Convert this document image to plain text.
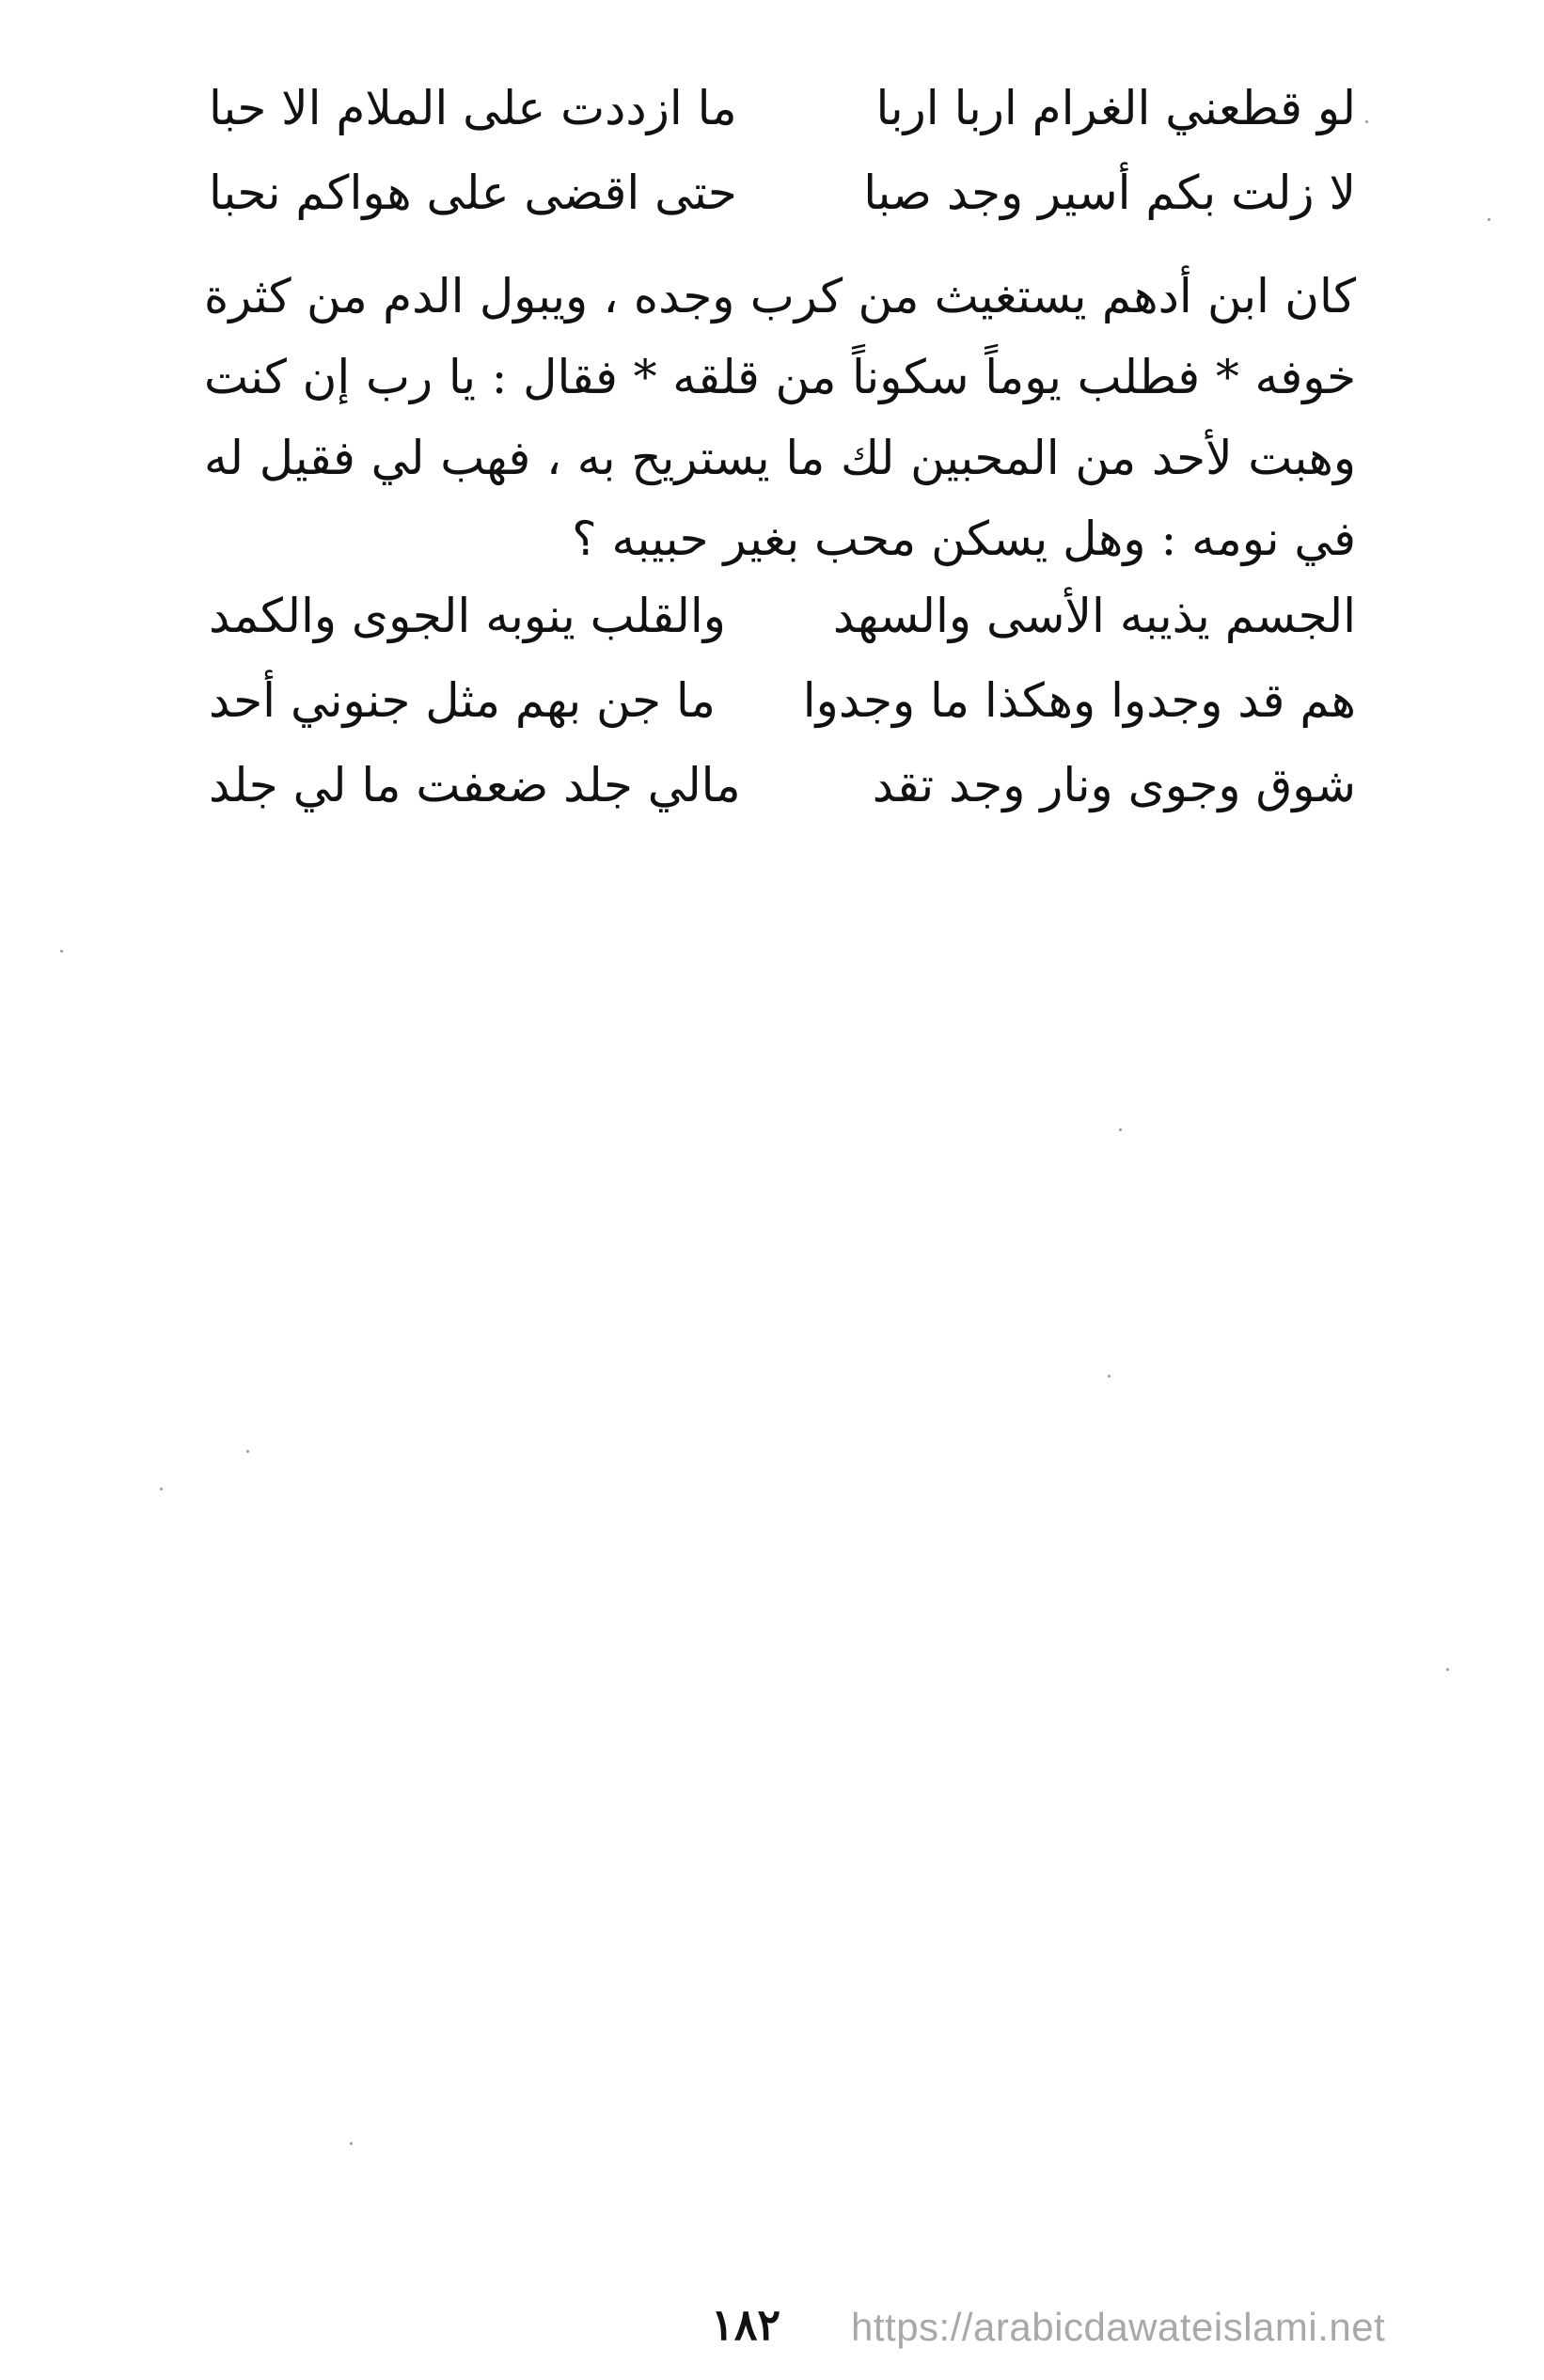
لو قطعني الغرام اربا اربا
ما ازددت على الملام الا حبا
لا زلت بكم أسير وجد صبا
حتى اقضى على هواكم نحبا

كان ابن أدهم يستغيث من كرب وجده ، ويبول الدم من كثرة خوفه * فطلب يوماً سكوناً من قلقه * فقال : يا رب إن كنت وهبت لأحد من المحبين لك ما يستريح به ، فهب لي فقيل له في نومه : وهل يسكن محب بغير حبيبه ؟

الجسم يذيبه الأسى والسهد
والقلب ينوبه الجوى والكمد
هم قد وجدوا وهكذا ما وجدوا
ما جن بهم مثل جنوني أحد
شوق وجوى ونار وجد تقد
مالي جلد ضعفت ما لي جلد
١٨٢ https://arabicdawateislami.net
